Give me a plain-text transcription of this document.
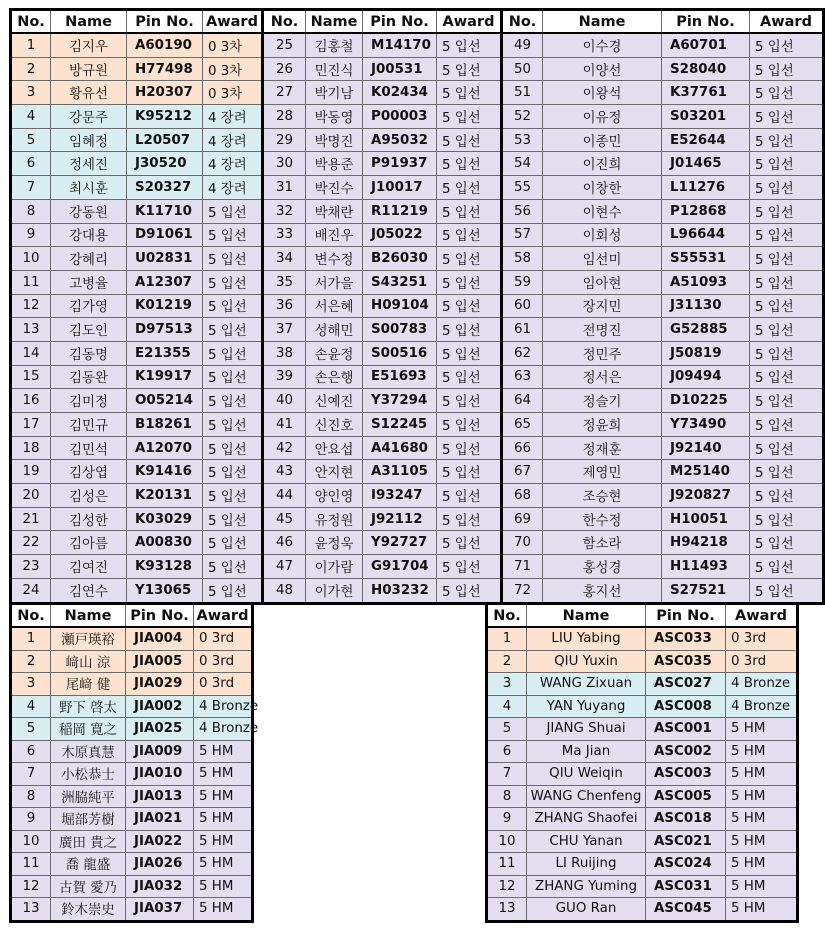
No.	Name	Pin No.	Award	No.	Name	Pin No.	Award	No.	Name	Pin No.	Award
1	김지우	A60190	0 3차	25	김홍철	M14170	5 입선	49	이수경	A60701	5 입선
2	방규원	H77498	0 3차	26	민진식	J00531	5 입선	50	이양선	S28040	5 입선
3	황유선	H20307	0 3차	27	박기남	K02434	5 입선	51	이왕석	K37761	5 입선
4	강문주	K95212	4 장려	28	박동영	P00003	5 입선	52	이유정	S03201	5 입선
5	임혜정	L20507	4 장려	29	박명진	A95032	5 입선	53	이종민	E52644	5 입선
6	정세진	J30520	4 장려	30	박용준	P91937	5 입선	54	이진희	J01465	5 입선
7	최시훈	S20327	4 장려	31	박진수	J10017	5 입선	55	이창한	L11276	5 입선
8	강동원	K11710	5 입선	32	박채란	R11219	5 입선	56	이현수	P12868	5 입선
9	강대용	D91061	5 입선	33	배진우	J05022	5 입선	57	이회성	L96644	5 입선
10	강혜리	U02831	5 입선	34	변수정	B26030	5 입선	58	임선미	S55531	5 입선
11	고병율	A12307	5 입선	35	서가을	S43251	5 입선	59	임아현	A51093	5 입선
12	김가영	K01219	5 입선	36	서은혜	H09104	5 입선	60	장지민	J31130	5 입선
13	김도인	D97513	5 입선	37	성해민	S00783	5 입선	61	전명진	G52885	5 입선
14	김동명	E21355	5 입선	38	손윤정	S00516	5 입선	62	정민주	J50819	5 입선
15	김동완	K19917	5 입선	39	손은행	E51693	5 입선	63	정서은	J09494	5 입선
16	김미정	O05214	5 입선	40	신예진	Y37294	5 입선	64	정슬기	D10225	5 입선
17	김민규	B18261	5 입선	41	신진호	S12245	5 입선	65	정윤희	Y73490	5 입선
18	김민석	A12070	5 입선	42	안요섭	A41680	5 입선	66	정재훈	J92140	5 입선
19	김상엽	K91416	5 입선	43	안지현	A31105	5 입선	67	제영민	M25140	5 입선
20	김성은	K20131	5 입선	44	양인영	I93247	5 입선	68	조승현	J920827	5 입선
21	김성한	K03029	5 입선	45	유정원	J92112	5 입선	69	한수정	H10051	5 입선
22	김아름	A00830	5 입선	46	윤정욱	Y92727	5 입선	70	함소라	H94218	5 입선
23	김여진	K93128	5 입선	47	이가람	G91704	5 입선	71	홍성경	H11493	5 입선
24	김연수	Y13065	5 입선	48	이가현	H03232	5 입선	72	홍지선	S27521	5 입선
No.	Name	Pin No.	Award
1	瀬戸瑛裕	JIA004	0 3rd
2	﨑山 涼	JIA005	0 3rd
3	尾﨑 健	JIA029	0 3rd
4	野下 啓太	JIA002	4 Bronze
5	稲岡 寛之	JIA025	4 Bronze
6	木原真慧	JIA009	5 HM
7	小松恭士	JIA010	5 HM
8	洲脇純平	JIA013	5 HM
9	堀部芳樹	JIA021	5 HM
10	廣田 貴之	JIA022	5 HM
11	喬 龍盛	JIA026	5 HM
12	古賀 愛乃	JIA032	5 HM
13	鈴木崇史	JIA037	5 HM
No.	Name	Pin No.	Award
1	LIU Yabing	ASC033	0 3rd
2	QIU Yuxin	ASC035	0 3rd
3	WANG Zixuan	ASC027	4 Bronze
4	YAN Yuyang	ASC008	4 Bronze
5	JIANG Shuai	ASC001	5 HM
6	Ma Jian	ASC002	5 HM
7	QIU Weiqin	ASC003	5 HM
8	WANG Chenfeng	ASC005	5 HM
9	ZHANG Shaofei	ASC018	5 HM
10	CHU Yanan	ASC021	5 HM
11	LI Ruijing	ASC024	5 HM
12	ZHANG Yuming	ASC031	5 HM
13	GUO Ran	ASC045	5 HM
